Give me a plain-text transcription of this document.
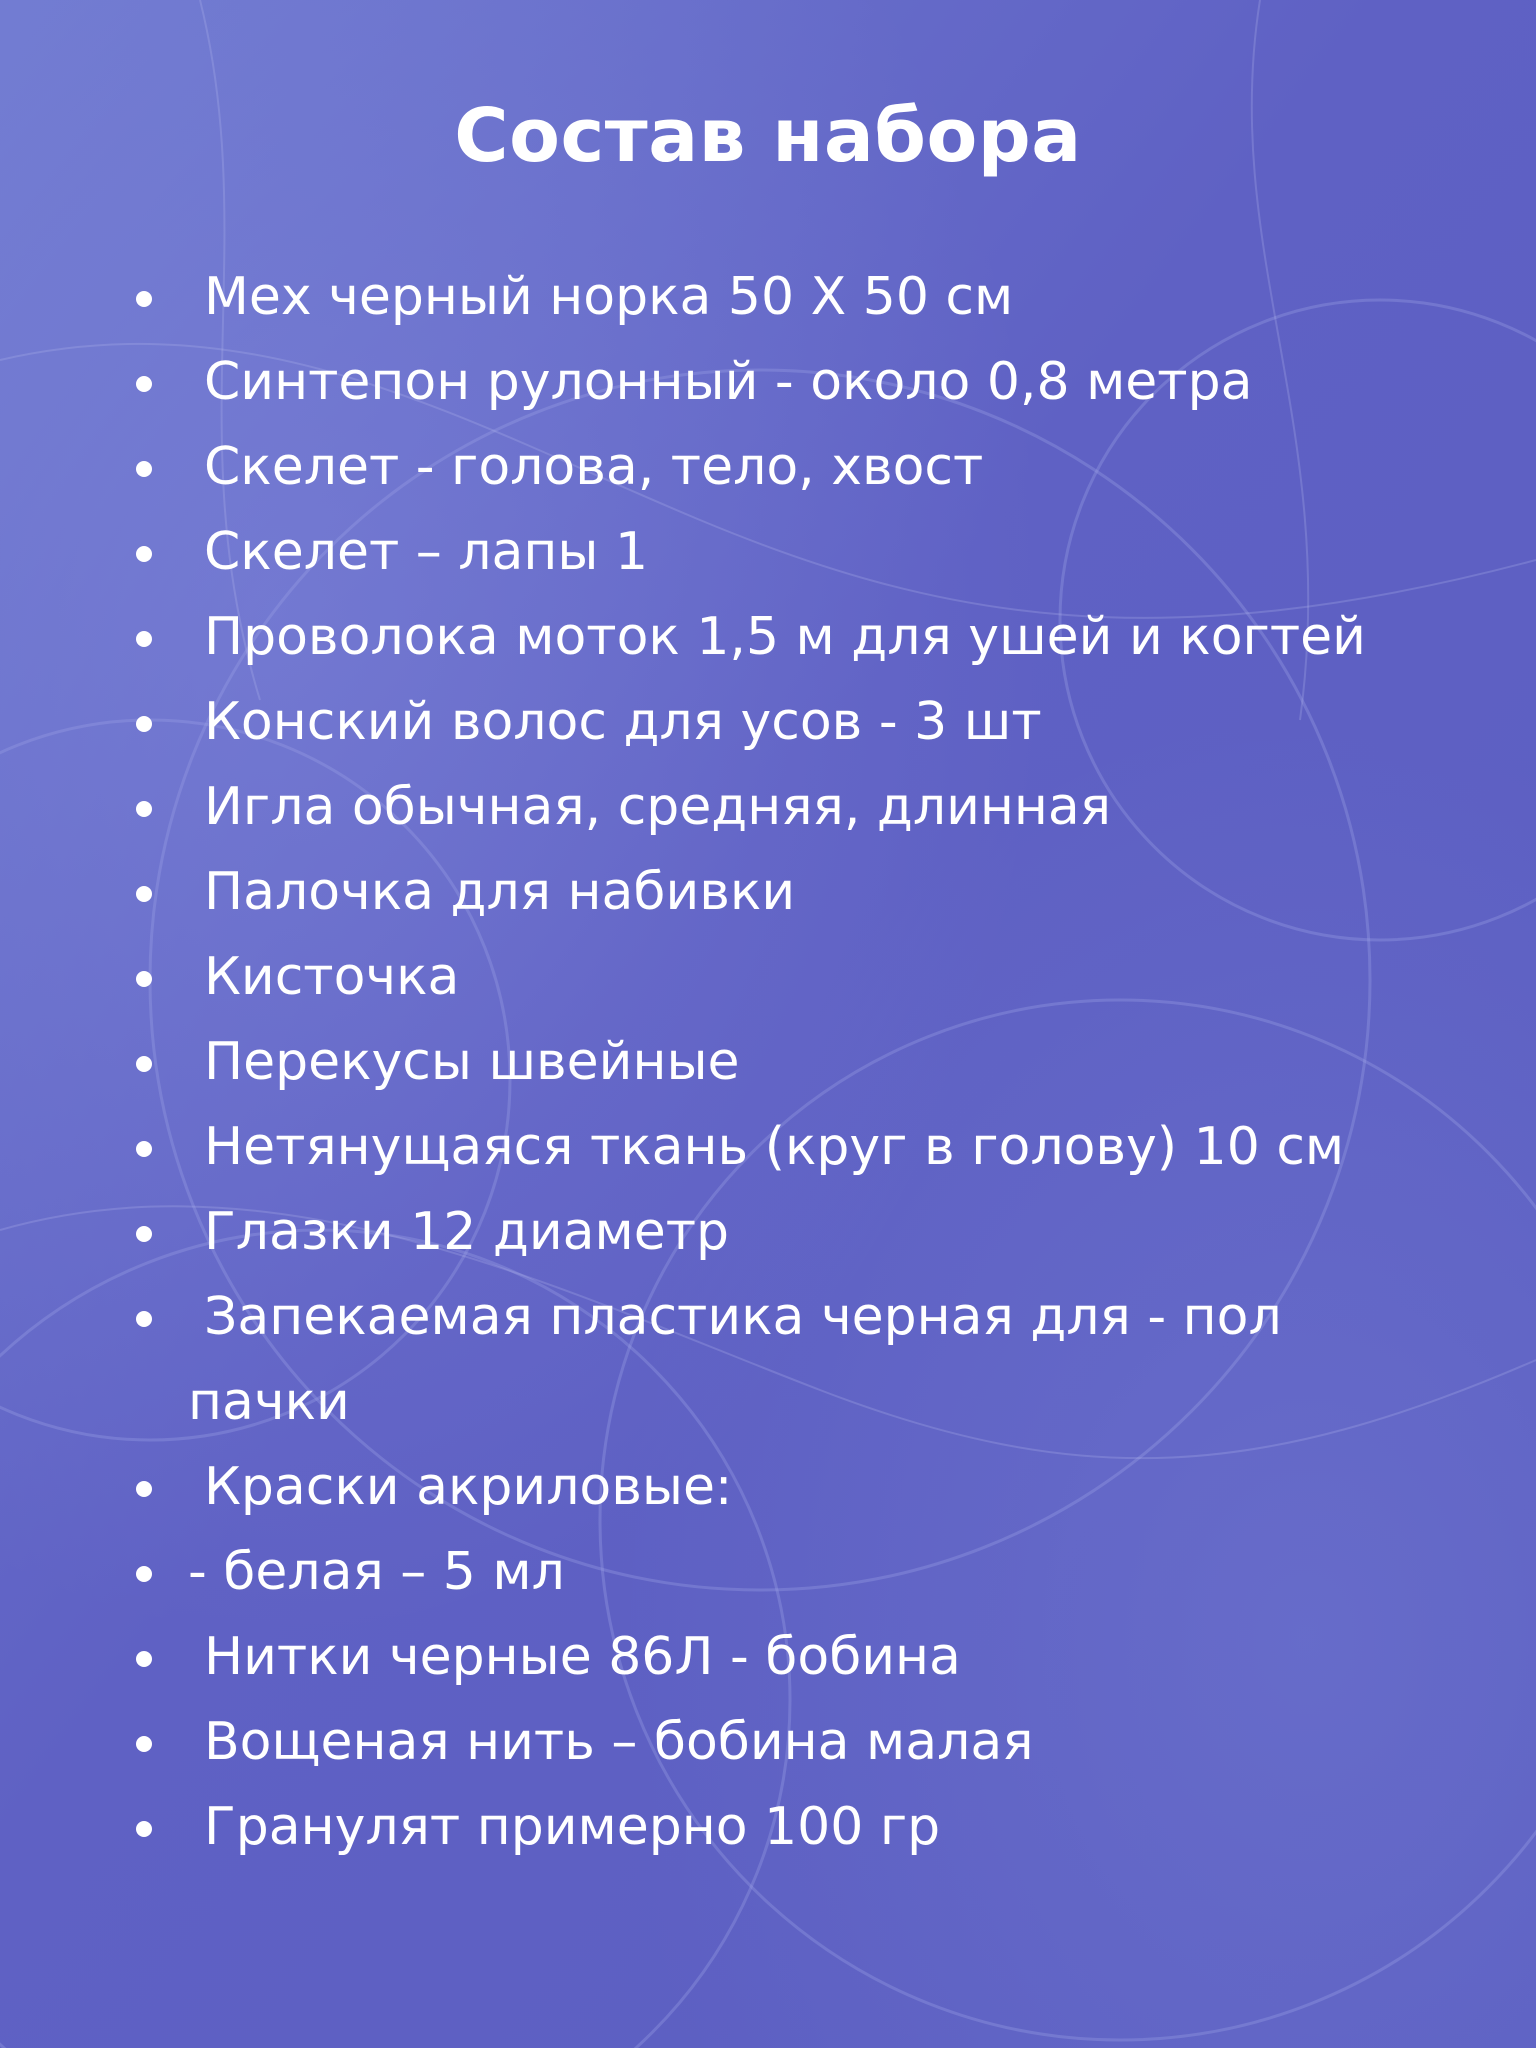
Состав набора
Мех черный норка 50 Х 50 см
Синтепон рулонный - около 0,8 метра
Скелет - голова, тело, хвост
Скелет – лапы 1
Проволока моток 1,5 м для ушей и когтей
Конский волос для усов - 3 шт
Игла обычная, средняя, длинная
Палочка для набивки
Кисточка
Перекусы швейные
Нетянущаяся ткань (круг в голову) 10 см
Глазки 12 диаметр
Запекаемая пластика черная для - пол
пачки
Краски акриловые:
- белая – 5 мл
Нитки черные 86Л - бобина
Вощеная нить – бобина малая
Гранулят примерно 100 гр
